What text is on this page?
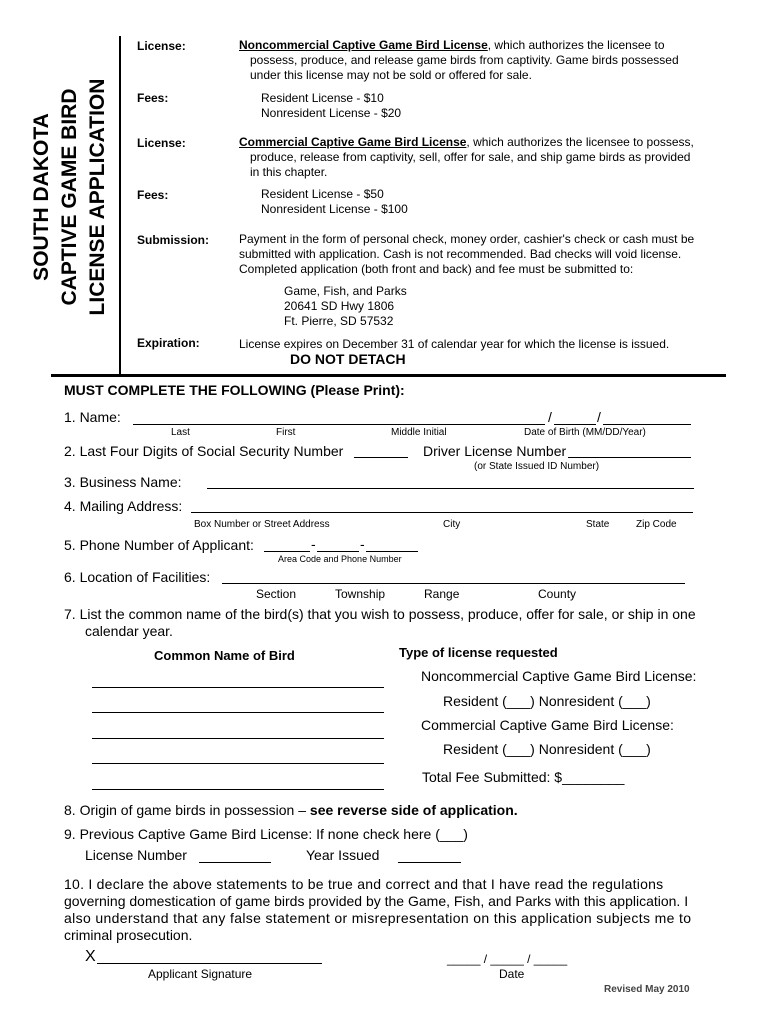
SOUTH DAKOTA CAPTIVE GAME BIRD LICENSE APPLICATION
License:	Noncommercial Captive Game Bird License, which authorizes the licensee to
possess, produce, and release game birds from captivity. Game birds possessed
under this license may not be sold or offered for sale.
Fees:	Resident License - $10
Nonresident License - $20
License:	Commercial Captive Game Bird License, which authorizes the licensee to possess,
produce, release from captivity, sell, offer for sale, and ship game birds as provided
in this chapter.
Fees:	Resident License - $50
Nonresident License - $100
Submission: Payment in the form of personal check, money order, cashier's check or cash must be
submitted with application. Cash is not recommended. Bad checks will void license.
Completed application (both front and back) and fee must be submitted to:
Game, Fish, and Parks
20641 SD Hwy 1806
Ft. Pierre, SD 57532
Expiration:	License expires on December 31 of calendar year for which the license is issued.
DO NOT DETACH
MUST COMPLETE THE FOLLOWING (Please Print):
1. Name:	/	/
Last	First	Middle Initial	Date of Birth (MM/DD/Year)
2. Last Four Digits of Social Security Number	Driver License Number
(or State Issued ID Number)
3. Business Name:
4. Mailing Address:
Box Number or Street Address	City	State	Zip Code
5. Phone Number of Applicant:	-	-
Area Code and Phone Number
6. Location of Facilities:
Section	Township	Range	County
7. List the common name of the bird(s) that you wish to possess, produce, offer for sale, or ship in one
calendar year.
Common Name of Bird	Type of license requested
Noncommercial Captive Game Bird License:
Resident (___) Nonresident (___)
Commercial Captive Game Bird License:
Resident (___) Nonresident (___)
Total Fee Submitted: $________
8. Origin of game birds in possession – see reverse side of application.
9. Previous Captive Game Bird License: If none check here (___)
License Number	Year Issued
10. I declare the above statements to be true and correct and that I have read the regulations
governing domestication of game birds provided by the Game, Fish, and Parks with this application. I
also understand that any false statement or misrepresentation on this application subjects me to
criminal prosecution.
X
Applicant Signature
_____ / _____ / _____
Date
Revised May 2010
